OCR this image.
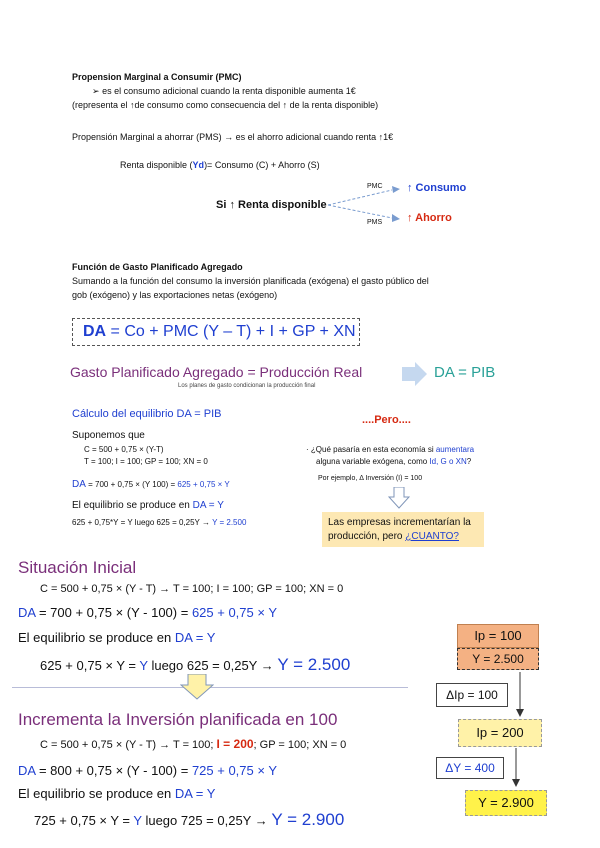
Propension Marginal a Consumir (PMC)
➢ es el consumo adicional cuando la renta disponible aumenta 1€
(representa el ↑de consumo como consecuencia del ↑ de la renta disponible)
Propensión Marginal a ahorrar (PMS) → es el ahorro adicional cuando renta ↑1€
Renta disponible (Yd)= Consumo (C) + Ahorro (S)
Si ↑ Renta disponible
PMC
PMS
↑ Consumo
↑ Ahorro
Función de Gasto Planificado Agregado
Sumando a la función del consumo la inversión planificada (exógena) el gasto público del
gob (exógeno) y las exportaciones netas (exógeno)
DA = Co + PMC (Y – T) + I + GP + XN
Gasto Planificado Agregado = Producción Real
Los planes de gasto condicionan la producción final
DA = PIB
Cálculo del equilibrio DA = PIB
Suponemos que
C = 500 + 0,75 × (Y-T)
T = 100; I = 100; GP = 100; XN = 0
DA = 700 + 0,75 × (Y 100) = 625 + 0,75 × Y
El equilibrio se produce en DA = Y
625 + 0,75*Y = Y luego 625 = 0,25Y → Y = 2.500
....Pero....
· ¿Qué pasaría en esta economía si aumentara
alguna variable exógena, como Id, G o XN?
Por ejemplo, Δ Inversión (I) = 100
Las empresas incrementarían la
producción, pero ¿CUANTO?
Situación Inicial
C = 500 + 0,75 × (Y - T) → T = 100; I = 100; GP = 100; XN = 0
DA = 700 + 0,75 × (Y - 100) = 625 + 0,75 × Y
El equilibrio se produce en DA = Y
625 + 0,75 × Y = Y luego 625 = 0,25Y → Y = 2.500
Incrementa la Inversión planificada en 100
C = 500 + 0,75 × (Y - T) → T = 100; I = 200; GP = 100; XN = 0
DA = 800 + 0,75 × (Y - 100) = 725 + 0,75 × Y
El equilibrio se produce en DA = Y
725 + 0,75 × Y = Y luego 725 = 0,25Y → Y = 2.900
Ip = 100
Y = 2.500
ΔIp = 100
Ip = 200
ΔY = 400
Y = 2.900
